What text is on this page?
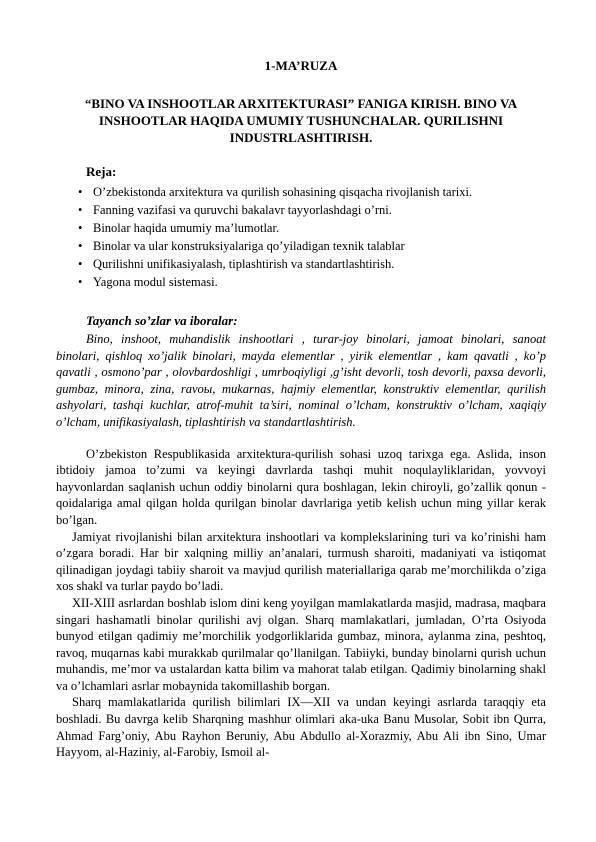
1-MA’RUZA
“BINO VA INSHOOTLAR ARXITEKTURASI” FANIGA KIRISH. BINO VA INSHOOTLAR HAQIDA UMUMIY TUSHUNCHALAR. QURILISHNI INDUSTRLASHTIRISH.
Reja:
• O’zbekistonda arxitektura va qurilish sohasining qisqacha rivojlanish tarixi.
• Fanning vazifasi va quruvchi bakalavr tayyorlashdagi o’rni.
• Binolar haqida umumiy ma’lumotlar.
• Binolar va ular konstruksiyalariga qo’yiladigan texnik talablar
• Qurilishni unifikasiyalash, tiplashtirish va standartlashtirish.
• Yagona modul sistemasi.
Tayanch so’zlar va iboralar:

Bino, inshoot, muhandislik inshootlari , turar-joy binolari, jamoat binolari, sanoat binolari, qishloq xo’jalik binolari, mayda elementlar , yirik elementlar , kam qavatli , ko’p qavatli , osmono’par , olovbardoshligi , umrboqiyligi ,g’isht devorli, tosh devorli, paxsa devorli, gumbaz, minora, zina, ravoы, mukarnas, hajmiy elementlar, konstruktiv elementlar, qurilish ashyolari, tashqi kuchlar, atrof-muhit ta’siri, nominal o’lcham, konstruktiv o’lcham, xaqiqiy o’lcham, unifikasiyalash, tiplashtirish va standartlashtirish.

O’zbekiston Respublikasida arxitektura-qurilish sohasi uzoq tarixga ega. Aslida, inson ibtidoiy jamoa to’zumi va keyingi davrlarda tashqi muhit noqulayliklaridan, yovvoyi hayvonlardan saqlanish uchun oddiy binolarni qura boshlagan, lekin chiroyli, go’zallik qonun - qoidalariga amal qilgan holda qurilgan binolar davrlariga yetib kelish uchun ming yillar kerak bo’lgan.

Jamiyat rivojlanishi bilan arxitektura inshootlari va komplekslarining turi va ko’rinishi ham o’zgara boradi. Har bir xalqning milliy an’analari, turmush sharoiti, madaniyati va istiqomat qilinadigan joydagi tabiiy sharoit va mavjud qurilish materiallariga qarab me’morchilikda o’ziga xos shakl va turlar paydo bo’ladi.

XII-XIII asrlardan boshlab islom dini keng yoyilgan mamlakatlarda masjid, madrasa, maqbara singari hashamatli binolar qurilishi avj olgan. Sharq mamlakatlari, jumladan, O’rta Osiyoda bunyod etilgan qadimiy me’morchilik yodgorliklarida gumbaz, minora, aylanma zina, peshtoq, ravoq, muqarnas kabi murakkab qurilmalar qo’llanilgan. Tabiiyki, bunday binolarni qurish uchun muhandis, me’mor va ustalardan katta bilim va mahorat talab etilgan. Qadimiy binolarning shakl va o’lchamlari asrlar mobaynida takomillashib borgan.

Sharq mamlakatlarida qurilish bilimlari IX—XII va undan keyingi asrlarda taraqqiy eta boshladi. Bu davrga kelib Sharqning mashhur olimlari aka-uka Banu Musolar, Sobit ibn Qurra, Ahmad Farg’oniy, Abu Rayhon Beruniy, Abu Abdullo al-Xorazmiy, Abu Ali ibn Sino, Umar Hayyom, al-Haziniy, al-Farobiy, Ismoil al-
